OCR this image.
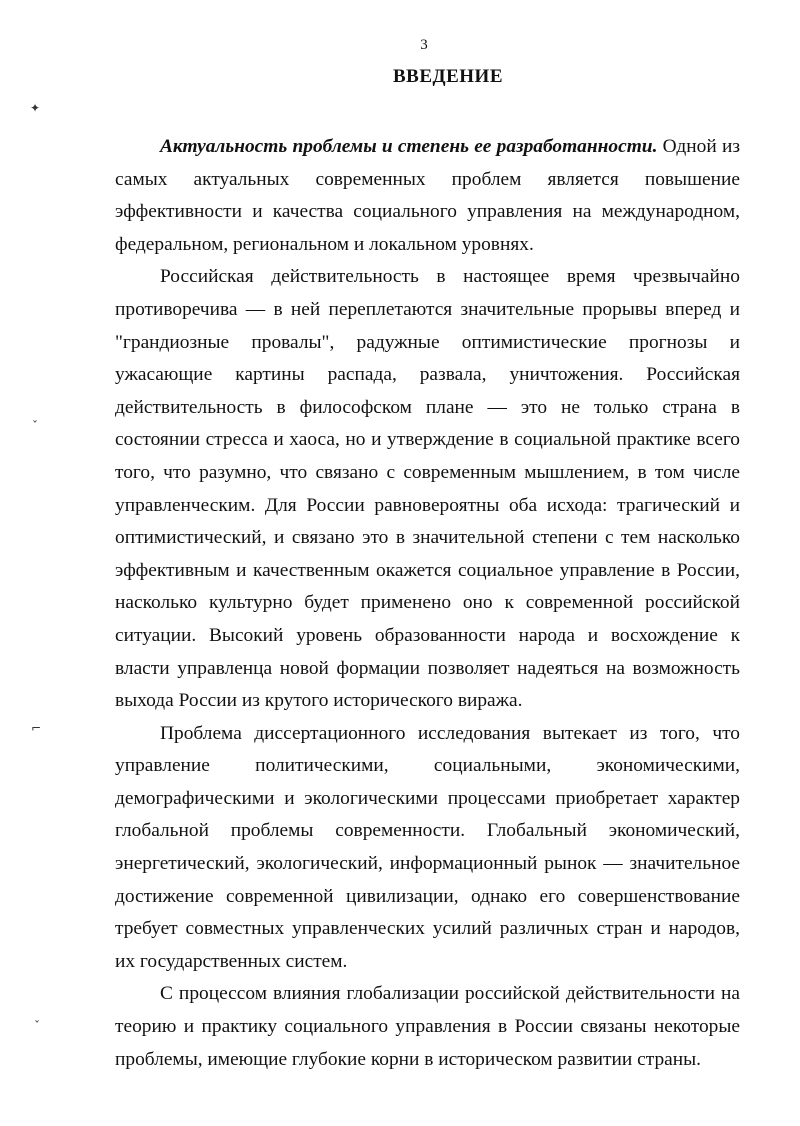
3
ВВЕДЕНИЕ

Актуальность проблемы и степень ее разработанности. Одной из самых актуальных современных проблем является повышение эффективности и качества социального управления на международном, федеральном, региональном и локальном уровнях.

Российская действительность в настоящее время чрезвычайно противоречива — в ней переплетаются значительные прорывы вперед и "грандиозные провалы", радужные оптимистические прогнозы и ужасающие картины распада, развала, уничтожения. Российская действительность в философском плане — это не только страна в состоянии стресса и хаоса, но и утверждение в социальной практике всего того, что разумно, что связано с современным мышлением, в том числе управленческим. Для России равновероятны оба исхода: трагический и оптимистический, и связано это в значительной степени с тем насколько эффективным и качественным окажется социальное управление в России, насколько культурно будет применено оно к современной российской ситуации. Высокий уровень образованности народа и восхождение к власти управленца новой формации позволяет надеяться на возможность выхода России из крутого исторического виража.

Проблема диссертационного исследования вытекает из того, что управление политическими, социальными, экономическими, демографическими и экологическими процессами приобретает характер глобальной проблемы современности. Глобальный экономический, энергетический, экологический, информационный рынок — значительное достижение современной цивилизации, однако его совершенствование требует совместных управленческих усилий различных стран и народов, их государственных систем.

С процессом влияния глобализации российской действительности на теорию и практику социального управления в России связаны некоторые проблемы, имеющие глубокие корни в историческом развитии страны.

✦
ˇ
⌐
ˇ
